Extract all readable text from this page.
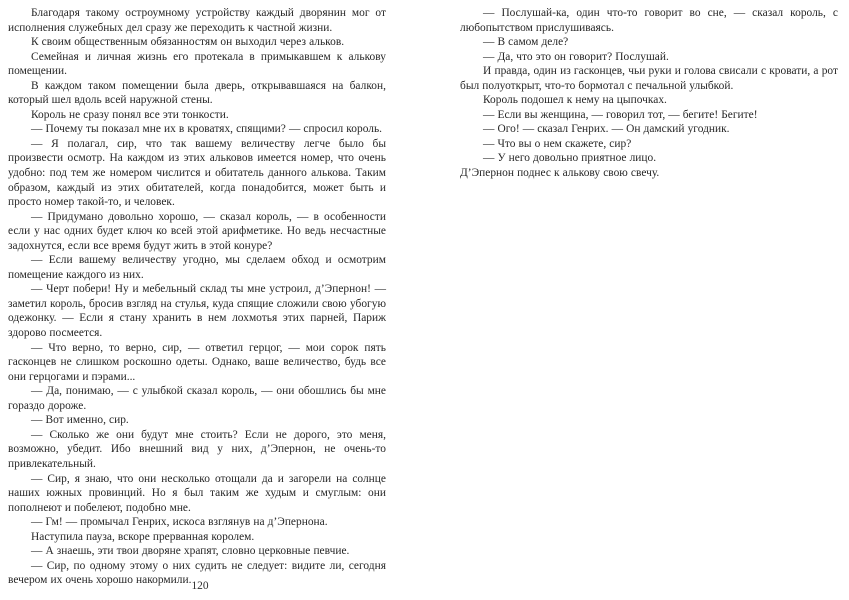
Благодаря такому остроумному устройству каждый дворянин мог от исполнения служебных дел сразу же переходить к частной жизни.

К своим общественным обязанностям он выходил через альков.

Семейная и личная жизнь его протекала в примыкавшем к алькову помещении.

В каждом таком помещении была дверь, открывавшаяся на балкон, который шел вдоль всей наружной стены.

Король не сразу понял все эти тонкости.

— Почему ты показал мне их в кроватях, спящими? — спросил король.

— Я полагал, сир, что так вашему величеству легче было бы произвести осмотр. На каждом из этих альковов имеется номер, что очень удобно: под тем же номером числится и обитатель данного алькова. Таким образом, каждый из этих обитателей, когда понадобится, может быть и просто номер такой-то, и человек.

— Придумано довольно хорошо, — сказал король, — в особенности если у нас одних будет ключ ко всей этой арифметике. Но ведь несчастные задохнутся, если все время будут жить в этой конуре?

— Если вашему величеству угодно, мы сделаем обход и осмотрим помещение каждого из них.

— Черт побери! Ну и мебельный склад ты мне устроил, д’Эпернон! — заметил король, бросив взгляд на стулья, куда спящие сложили свою убогую одежонку. — Если я стану хранить в нем лохмотья этих парней, Париж здорово посмеется.

— Что верно, то верно, сир, — ответил герцог, — мои сорок пять гасконцев не слишком роскошно одеты. Однако, ваше величество, будь все они герцогами и пэрами...

— Да, понимаю, — с улыбкой сказал король, — они обошлись бы мне гораздо дороже.

— Вот именно, сир.

— Сколько же они будут мне стоить? Если не дорого, это меня, возможно, убедит. Ибо внешний вид у них, д’Эпернон, не очень-то привлекательный.

— Сир, я знаю, что они несколько отощали да и загорели на солнце наших южных провинций. Но я был таким же худым и смуглым: они пополнеют и побелеют, подобно мне.

— Гм! — промычал Генрих, искоса взглянув на д’Эпернона.

Наступила пауза, вскоре прерванная королем.

— А знаешь, эти твои дворяне храпят, словно церковные певчие.

— Сир, по одному этому о них судить не следует: видите ли, сегодня вечером их очень хорошо накормили. 120

— Послушай-ка, один что-то говорит во сне, — сказал король, с любопытством прислушиваясь.

— В самом деле?

— Да, что это он говорит? Послушай.

И правда, один из гасконцев, чьи руки и голова свисали с кровати, а рот был полуоткрыт, что-то бормотал с печальной улыбкой.

Король подошел к нему на цыпочках.

— Если вы женщина, — говорил тот, — бегите! Бегите!

— Ого! — сказал Генрих. — Он дамский угодник.

— Что вы о нем скажете, сир?

— У него довольно приятное лицо.

Д’Эпернон поднес к алькову свою свечу.
